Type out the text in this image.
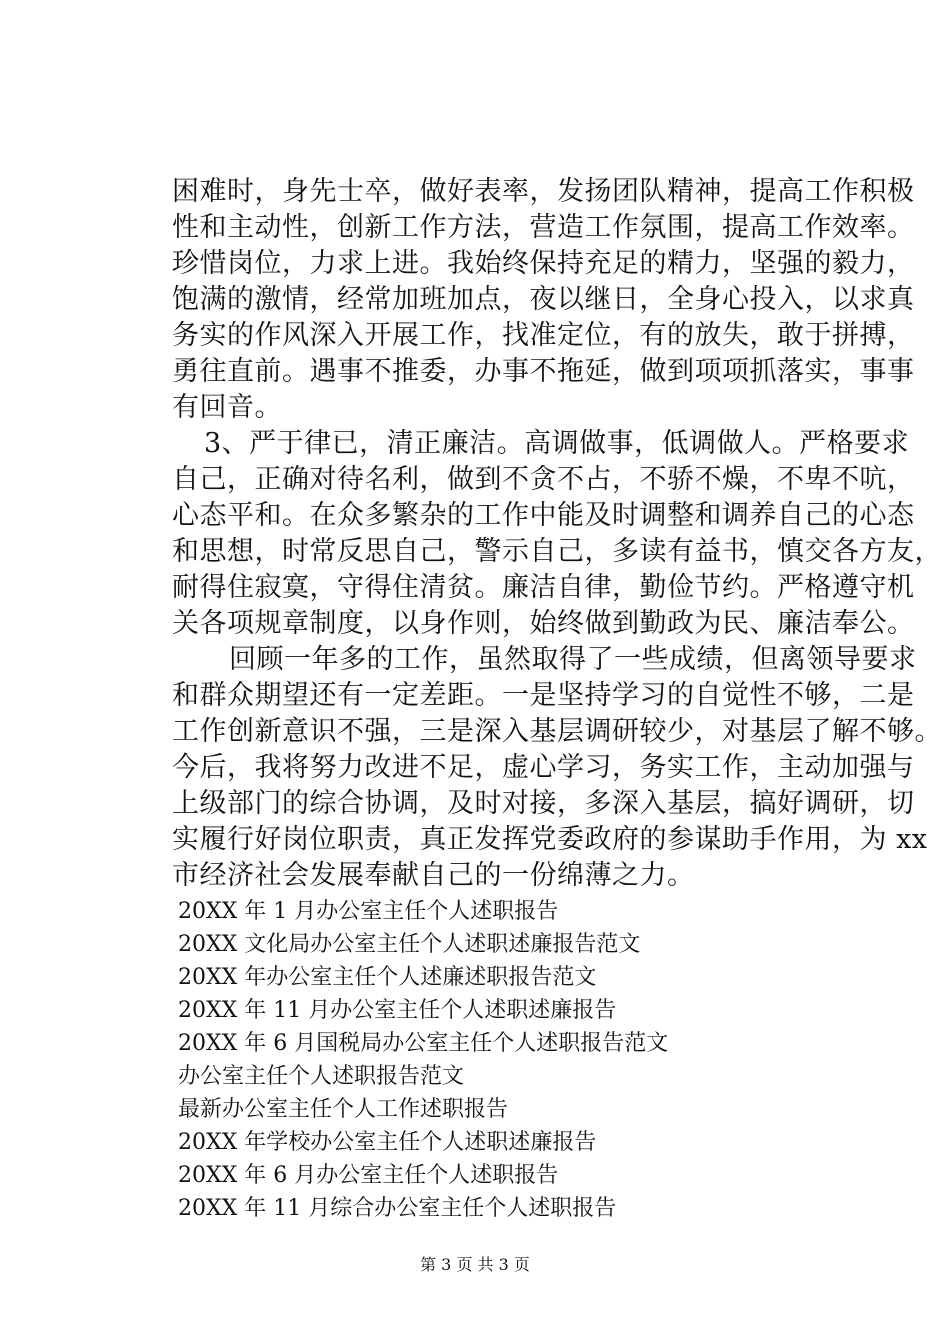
困难时，身先士卒，做好表率，发扬团队精神，提高工作积极
性和主动性，创新工作方法，营造工作氛围，提高工作效率。
珍惜岗位，力求上进。我始终保持充足的精力，坚强的毅力，
饱满的激情，经常加班加点，夜以继日，全身心投入，以求真
务实的作风深入开展工作，找准定位，有的放失，敢于拼搏，
勇往直前。遇事不推委，办事不拖延，做到项项抓落实，事事
有回音。
3、严于律已，清正廉洁。高调做事，低调做人。严格要求
自己，正确对待名利，做到不贪不占，不骄不燥，不卑不吭，
心态平和。在众多繁杂的工作中能及时调整和调养自己的心态
和思想，时常反思自己，警示自己，多读有益书，慎交各方友，
耐得住寂寞，守得住清贫。廉洁自律，勤俭节约。严格遵守机
关各项规章制度，以身作则，始终做到勤政为民、廉洁奉公。
回顾一年多的工作，虽然取得了一些成绩，但离领导要求
和群众期望还有一定差距。一是坚持学习的自觉性不够，二是
工作创新意识不强，三是深入基层调研较少，对基层了解不够。
今后，我将努力改进不足，虚心学习，务实工作，主动加强与
上级部门的综合协调，及时对接，多深入基层，搞好调研，切
实履行好岗位职责，真正发挥党委政府的参谋助手作用，为 xx
市经济社会发展奉献自己的一份绵薄之力。
20XX 年 1 月办公室主任个人述职报告
20XX 文化局办公室主任个人述职述廉报告范文
20XX 年办公室主任个人述廉述职报告范文
20XX 年 11 月办公室主任个人述职述廉报告
20XX 年 6 月国税局办公室主任个人述职报告范文
办公室主任个人述职报告范文
最新办公室主任个人工作述职报告
20XX 年学校办公室主任个人述职述廉报告
20XX 年 6 月办公室主任个人述职报告
20XX 年 11 月综合办公室主任个人述职报告
第 3 页 共 3 页
